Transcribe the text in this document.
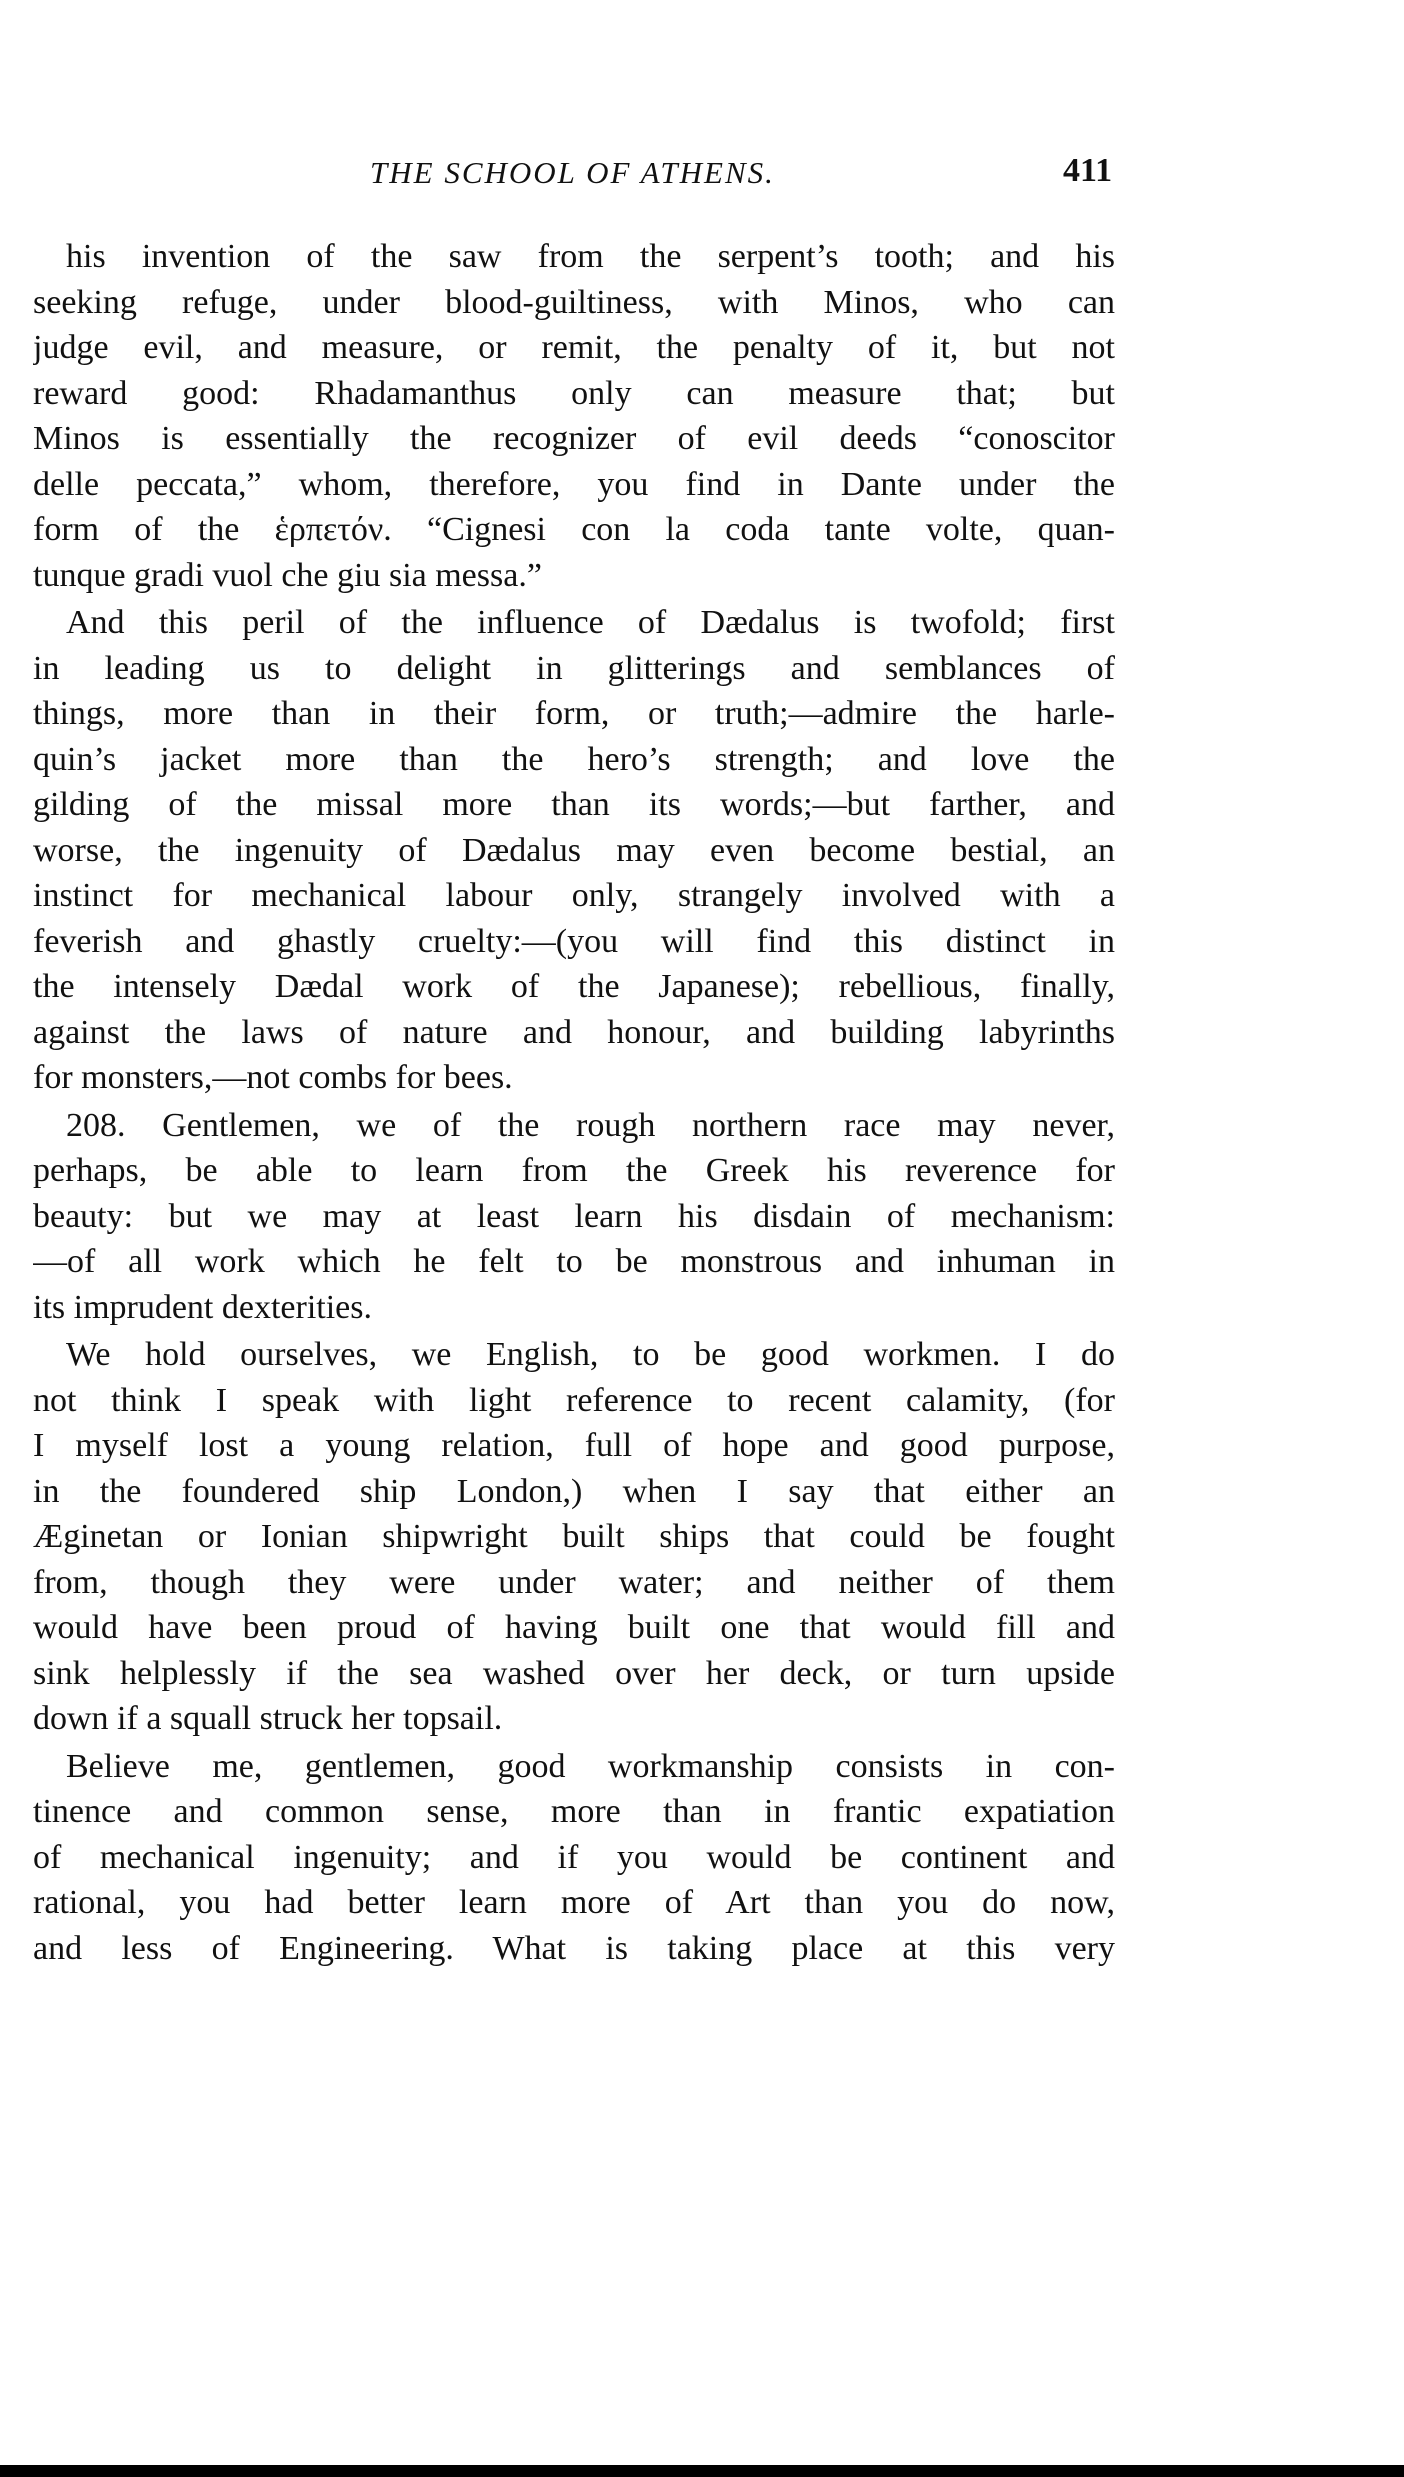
THE SCHOOL OF ATHENS.	411
his invention of the saw from the serpent’s tooth; and his
seeking refuge, under blood-guiltiness, with Minos, who can
judge evil, and measure, or remit, the penalty of it, but not
reward good: Rhadamanthus only can measure that; but
Minos is essentially the recognizer of evil deeds “conoscitor
delle peccata,” whom, therefore, you find in Dante under the
form of the ἑρπετόν. “Cignesi con la coda tante volte, quan-
tunque gradi vuol che giu sia messa.”
And this peril of the influence of Dædalus is twofold; first
in leading us to delight in glitterings and semblances of
things, more than in their form, or truth;—admire the harle-
quin’s jacket more than the hero’s strength; and love the
gilding of the missal more than its words;—but farther, and
worse, the ingenuity of Dædalus may even become bestial, an
instinct for mechanical labour only, strangely involved with a
feverish and ghastly cruelty:—(you will find this distinct in
the intensely Dædal work of the Japanese); rebellious, finally,
against the laws of nature and honour, and building labyrinths
for monsters,—not combs for bees.
208. Gentlemen, we of the rough northern race may never,
perhaps, be able to learn from the Greek his reverence for
beauty: but we may at least learn his disdain of mechanism:
—of all work which he felt to be monstrous and inhuman in
its imprudent dexterities.
We hold ourselves, we English, to be good workmen. I do
not think I speak with light reference to recent calamity, (for
I myself lost a young relation, full of hope and good purpose,
in the foundered ship London,) when I say that either an
Æginetan or Ionian shipwright built ships that could be fought
from, though they were under water; and neither of them
would have been proud of having built one that would fill and
sink helplessly if the sea washed over her deck, or turn upside
down if a squall struck her topsail.
Believe me, gentlemen, good workmanship consists in con-
tinence and common sense, more than in frantic expatiation
of mechanical ingenuity; and if you would be continent and
rational, you had better learn more of Art than you do now,
and less of Engineering. What is taking place at this very
